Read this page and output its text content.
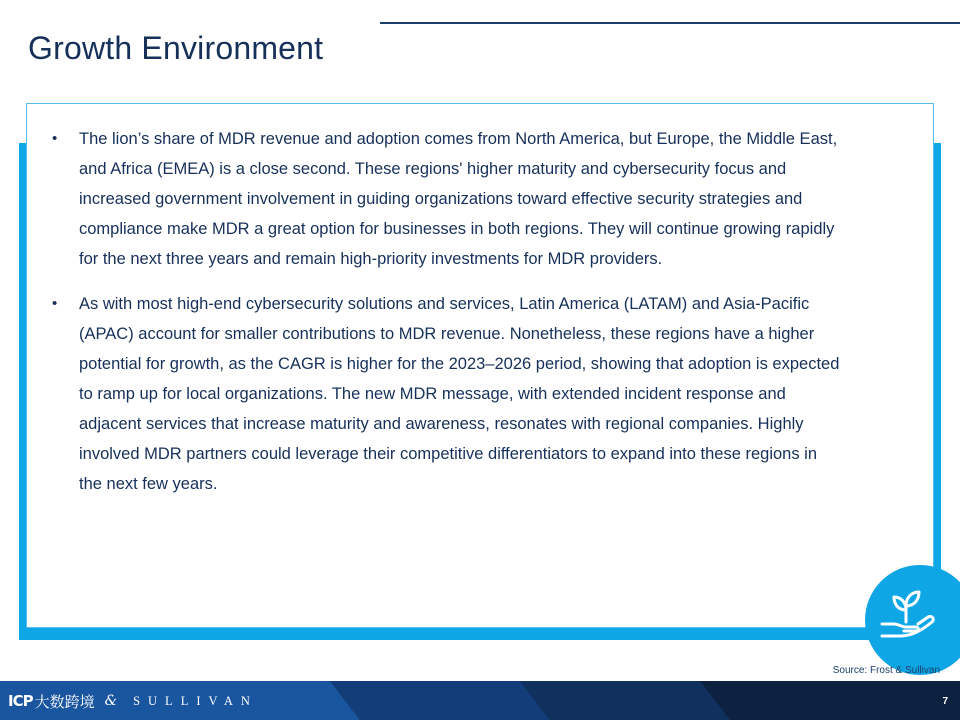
Growth Environment
• The lion’s share of MDR revenue and adoption comes from North America, but Europe, the Middle East, and Africa (EMEA) is a close second. These regions' higher maturity and cybersecurity focus and increased government involvement in guiding organizations toward effective security strategies and compliance make MDR a great option for businesses in both regions. They will continue growing rapidly for the next three years and remain high-priority investments for MDR providers.
• As with most high-end cybersecurity solutions and services, Latin America (LATAM) and Asia-Pacific (APAC) account for smaller contributions to MDR revenue. Nonetheless, these regions have a higher potential for growth, as the CAGR is higher for the 2023–2026 period, showing that adoption is expected to ramp up for local organizations. The new MDR message, with extended incident response and adjacent services that increase maturity and awareness, resonates with regional companies. Highly involved MDR partners could leverage their competitive differentiators to expand into these regions in the next few years.
Source: Frost & Sullivan
ICP 大数跨境 & SULLIVAN	7
